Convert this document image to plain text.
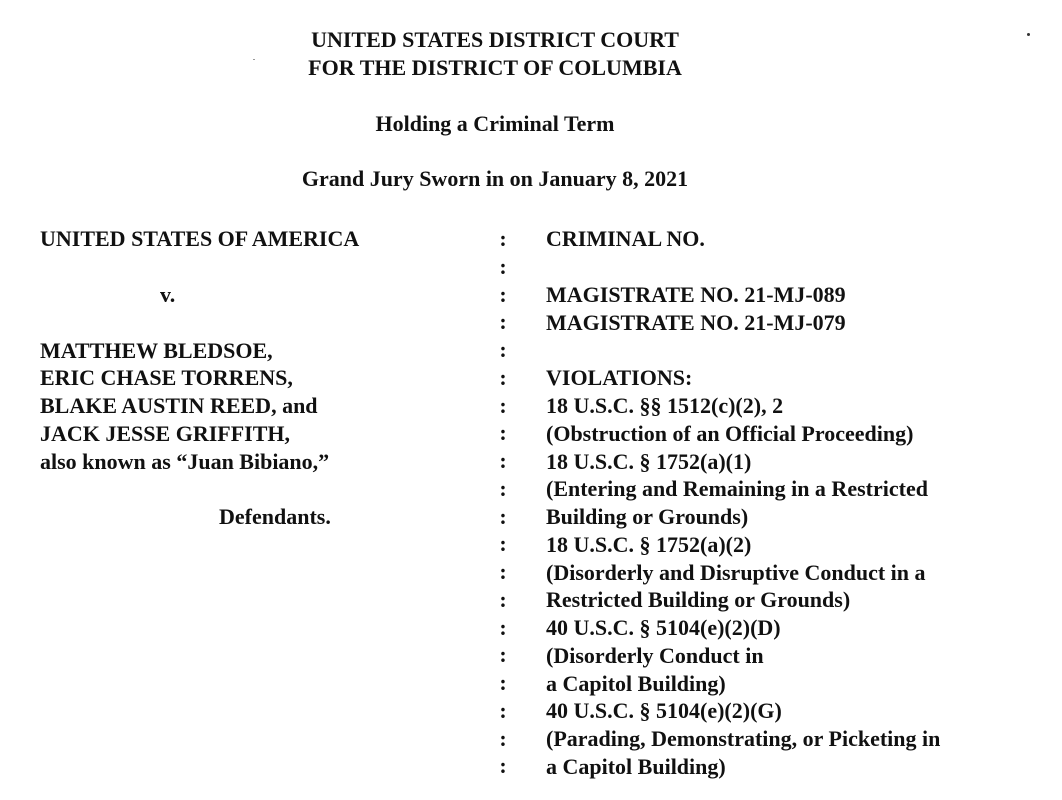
UNITED STATES DISTRICT COURT
FOR THE DISTRICT OF COLUMBIA
Holding a Criminal Term
Grand Jury Sworn in on January 8, 2021
UNITED STATES OF AMERICA
v.
MATTHEW BLEDSOE,
ERIC CHASE TORRENS,
BLAKE AUSTIN REED, and
JACK JESSE GRIFFITH,
also known as “Juan Bibiano,”
Defendants.
:
:
:
:
:
:
:
:
:
:
:
:
:
:
:
:
:
:
:
:
CRIMINAL NO.
MAGISTRATE NO. 21-MJ-089
MAGISTRATE NO. 21-MJ-079
VIOLATIONS:
18 U.S.C. §§ 1512(c)(2), 2
(Obstruction of an Official Proceeding)
18 U.S.C. § 1752(a)(1)
(Entering and Remaining in a Restricted
Building or Grounds)
18 U.S.C. § 1752(a)(2)
(Disorderly and Disruptive Conduct in a
Restricted Building or Grounds)
40 U.S.C. § 5104(e)(2)(D)
(Disorderly Conduct in
a Capitol Building)
40 U.S.C. § 5104(e)(2)(G)
(Parading, Demonstrating, or Picketing in
a Capitol Building)
